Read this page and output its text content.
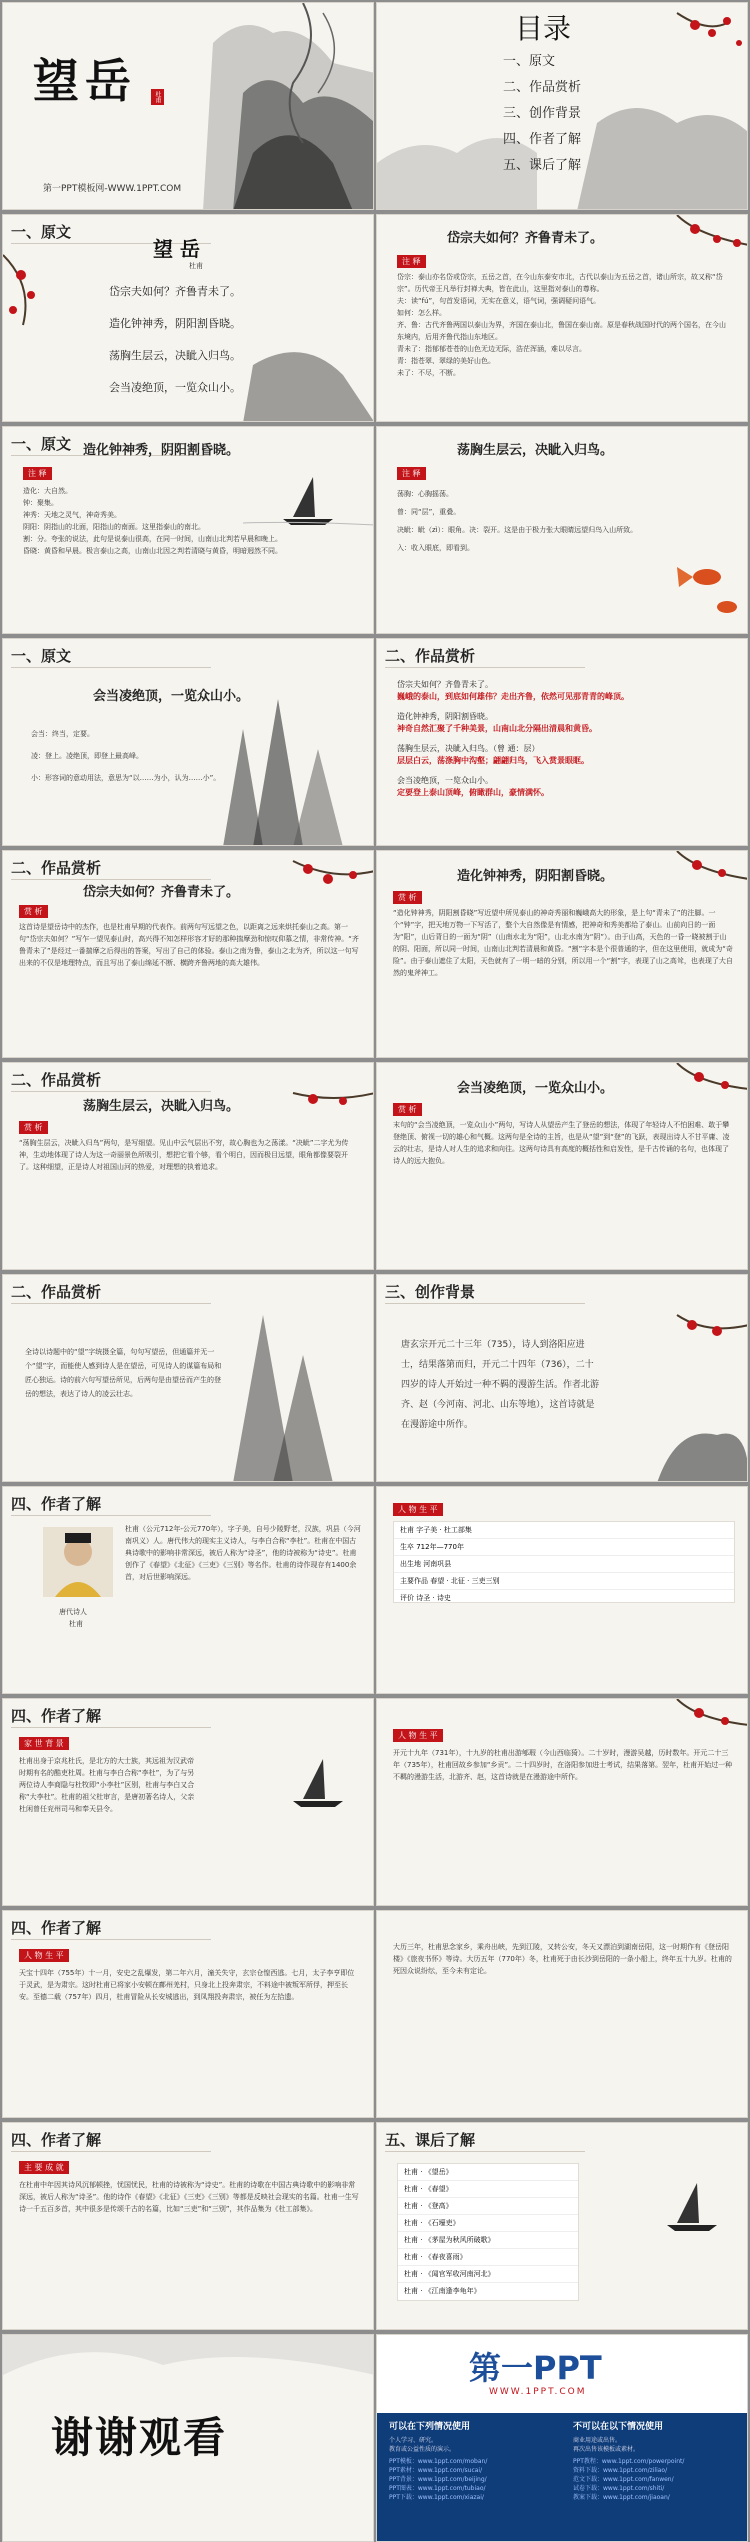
望岳	杜甫
第一PPT模板网-WWW.1PPT.COM
目录
一、原文
二、作品赏析
三、创作背景
四、作者了解
五、课后了解
一、原文
望 岳
杜甫
岱宗夫如何？齐鲁青未了。
造化钟神秀，阴阳割昏晓。
荡胸生层云，决眦入归鸟。
会当凌绝顶，一览众山小。
岱宗夫如何？齐鲁青未了。
注 释

岱宗：泰山亦名岱或岱宗，五岳之首，在今山东泰安市北，古代以泰山为五岳之首，诸山所宗，故又称“岱宗”。历代帝王凡举行封禅大典，皆在此山，这里指对泰山的尊称。

夫：读“fú”，句首发语词，无实在意义，语气词，强调疑问语气。

如何：怎么样。

齐、鲁：古代齐鲁两国以泰山为界，齐国在泰山北，鲁国在泰山南。原是春秋战国时代的两个国名，在今山东境内，后用齐鲁代指山东地区。

青未了：指郁郁苍苍的山色无边无际，浩茫浑涵，难以尽言。

青：指苍翠、翠绿的美好山色。

未了：不尽，不断。

一、原文 造化钟神秀，阴阳割昏晓。
注 释

造化：大自然。

钟：聚集。

神秀：天地之灵气，神奇秀美。

阴阳：阴指山的北面，阳指山的南面。这里指泰山的南北。

割：分。夸张的说法，此句是说泰山很高，在同一时间，山南山北判若早晨和晚上。

昏晓：黄昏和早晨。极言泰山之高，山南山北因之判若清晓与黄昏，明暗迥然不同。

荡胸生层云，决眦入归鸟。
注 释

荡胸：心胸摇荡。

曾：同“层”，重叠。

决眦：眦（zì）：眼角。决：裂开。这是由于极力张大眼睛远望归鸟入山所致。

入：收入眼底，即看到。

一、原文
会当凌绝顶，一览众山小。

会当：终当，定要。

凌：登上。凌绝顶，即登上最高峰。

小：形容词的意动用法，意思为“以……为小，认为……小”。

二、作品赏析
岱宗夫如何？齐鲁青未了。
巍峨的泰山，到底如何雄伟？走出齐鲁，依然可见那青青的峰顶。
造化钟神秀，阴阳割昏晓。
神奇自然汇聚了千种美景，山南山北分隔出清晨和黄昏。
荡胸生层云，决眦入归鸟。（曾 通：层）
层层白云，荡涤胸中沟壑；翩翩归鸟，飞入赏景眼眶。
会当凌绝顶，一览众山小。
定要登上泰山顶峰，俯瞰群山，豪情满怀。
二、作品赏析
岱宗夫如何？齐鲁青未了。
赏 析
这首诗是望岳诗中的杰作，也是杜甫早期的代表作。前两句写远望之色，以距离之远来烘托泰山之高。第一句“岱宗夫如何？”写乍一望见泰山时，高兴得不知怎样形容才好的那种揣摩劲和惊叹仰慕之情，非常传神。“齐鲁青未了”是经过一番揣摩之后得出的答案，写出了自己的体验。泰山之南为鲁，泰山之北为齐，所以这一句写出来的不仅是地理特点，而且写出了泰山绵延不断、横跨齐鲁两地的高大雄伟。
造化钟神秀，阴阳割昏晓。
赏 析
“造化钟神秀，阴阳割昏晓”写近望中所见泰山的神奇秀丽和巍峨高大的形象，是上句“青未了”的注脚。一个“钟”字，把天地万物一下写活了，整个大自然像是有情感，把神奇和秀美都给了泰山。山前向日的一面为“阳”，山后背日的一面为“阴”（山南水北为“阳”，山北水南为“阴”）。由于山高，天色的一昏一晓被割于山的阴、阳面，所以同一时间，山南山北判若清晨和黄昏。“割”字本是个很普通的字，但在这里使用，就成为“奇险”。由于泰山遮住了太阳，天色就有了一明一暗的分别，所以用一个“割”字，表现了山之高耸，也表现了大自然的鬼斧神工。
二、作品赏析
荡胸生层云，决眦入归鸟。
赏 析
“荡胸生层云，决眦入归鸟”两句，是写细望。见山中云气层出不穷，故心胸也为之荡漾。“决眦”二字尤为传神，生动地体现了诗人为这一奇丽景色所吸引，想把它看个够，看个明白，因而极目远望，眼角都像要裂开了。这种细望，正是诗人对祖国山河的热爱，对理想的执着追求。
会当凌绝顶，一览众山小。
赏 析
末句的“会当凌绝顶，一览众山小”两句，写诗人从望岳产生了登岳的想法，体现了年轻诗人不怕困难、敢于攀登绝顶、俯视一切的雄心和气概。这两句是全诗的主旨，也是从“望”到“登”的飞跃，表现出诗人不甘平庸、凌云的壮志，是诗人对人生的追求和向往。这两句诗具有高度的概括性和启发性，是千古传诵的名句，也体现了诗人的远大抱负。
二、作品赏析
全诗以诗题中的“望”字统摄全篇，句句写望岳，但通篇并无一个“望”字，而能使人感到诗人是在望岳，可见诗人的谋篇布局和匠心独运。诗的前六句写望岳所见，后两句是由望岳而产生的登岳的想法，表达了诗人的凌云壮志。
三、创作背景
唐玄宗开元二十三年（735），诗人到洛阳应进士，结果落第而归，开元二十四年（736），二十四岁的诗人开始过一种不羁的漫游生活。作者北游齐、赵（今河南、河北、山东等地），这首诗就是在漫游途中所作。
四、作者了解
唐代诗人
杜甫
杜甫（公元712年-公元770年），字子美，自号少陵野老，汉族，巩县（今河南巩义）人。唐代伟大的现实主义诗人，与李白合称“李杜”。杜甫在中国古典诗歌中的影响非常深远，被后人称为“诗圣”，他的诗被称为“诗史”。杜甫创作了《春望》《北征》《三吏》《三别》等名作。杜甫的诗作现存有1400余首，对后世影响深远。
人 物 生 平
杜甫 字子美 · 杜工部集
生卒 712年—770年
出生地 河南巩县
主要作品 春望 · 北征 · 三吏三别
评价 诗圣 · 诗史
四、作者了解
家 世 背 景
杜甫出身于京兆杜氏，是北方的大士族，其远祖为汉武帝时期有名的酷吏杜周。杜甫与李白合称“李杜”，为了与另两位诗人李商隐与杜牧即“小李杜”区别，杜甫与李白又合称“大李杜”。杜甫的祖父杜审言，是唐初著名诗人，父亲杜闲曾任兖州司马和奉天县令。
人 物 生 平
开元十九年（731年），十九岁的杜甫出游郇瑕（今山西临猗）。二十岁时，漫游吴越，历时数年。开元二十三年（735年），杜甫回故乡参加“乡贡”。二十四岁时，在洛阳参加进士考试，结果落第。翌年，杜甫开始过一种不羁的漫游生活，北游齐、赵，这首诗就是在漫游途中所作。
四、作者了解
人 物 生 平
天宝十四年（755年）十一月，安史之乱爆发，第二年六月，潼关失守，玄宗仓惶西逃。七月，太子李亨即位于灵武，是为肃宗。这时杜甫已将家小安顿在鄜州羌村，只身北上投奔肃宗，不料途中被叛军所俘，押至长安。至德二载（757年）四月，杜甫冒险从长安城逃出，到凤翔投奔肃宗，被任为左拾遗。
大历三年，杜甫思念家乡，乘舟出峡，先到江陵，又转公安，冬天又漂泊到湖南岳阳，这一时期作有《登岳阳楼》《旅夜书怀》等诗。大历五年（770年）冬，杜甫死于由长沙到岳阳的一条小船上，终年五十九岁。杜甫的死因众说纷纭，至今未有定论。
四、作者了解
主 要 成 就
在杜甫中年因其诗风沉郁顿挫，忧国忧民，杜甫的诗被称为“诗史”。杜甫的诗歌在中国古典诗歌中的影响非常深远，被后人称为“诗圣”。他的诗作《春望》《北征》《三吏》《三别》等都是反映社会现实的名篇。杜甫一生写诗一千五百多首，其中很多是传颂千古的名篇，比如“三吏”和“三别”，其作品集为《杜工部集》。
五、课后了解
杜甫 · 《望岳》
杜甫 · 《春望》
杜甫 · 《登高》
杜甫 · 《石壕吏》
杜甫 · 《茅屋为秋风所破歌》
杜甫 · 《春夜喜雨》
杜甫 · 《闻官军收河南河北》
杜甫 · 《江南逢李龟年》
谢谢观看
第一PPT
WWW.1PPT.COM
可以在下列情况使用	不可以在以下情况使用
个人学习、研究。
教育或公益性质的演示。
商业用途或出售。
再次出售该模板或素材。
PPT模板：www.1ppt.com/moban/
PPT素材：www.1ppt.com/sucai/
PPT背景：www.1ppt.com/beijing/
PPT图表：www.1ppt.com/tubiao/
PPT下载：www.1ppt.com/xiazai/
PPT教程：www.1ppt.com/powerpoint/
资料下载：www.1ppt.com/ziliao/
范文下载：www.1ppt.com/fanwen/
试卷下载：www.1ppt.com/shiti/
教案下载：www.1ppt.com/jiaoan/
